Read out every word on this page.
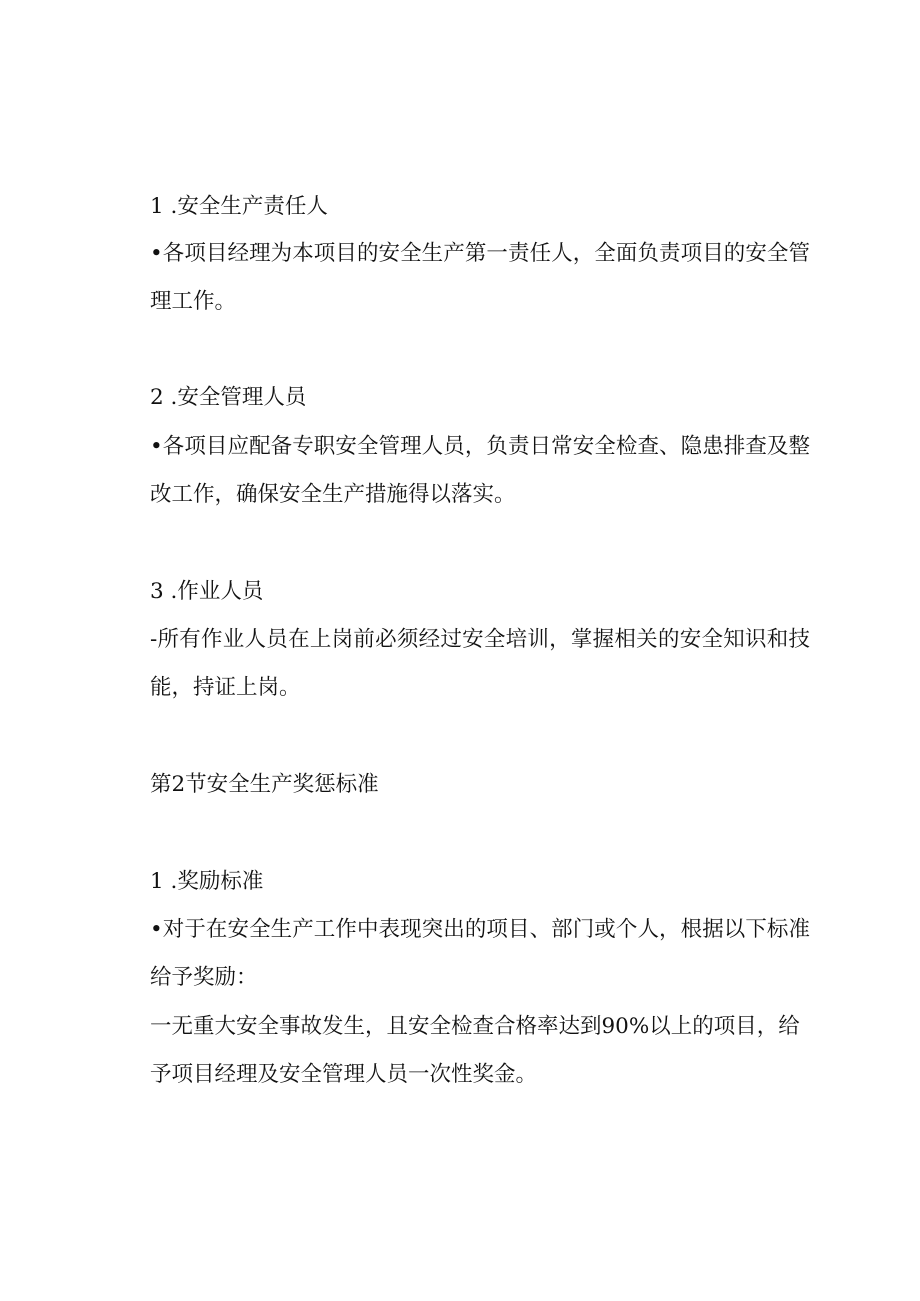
1 .安全生产责任人
•各项目经理为本项目的安全生产第一责任人，全面负责项目的安全管
理工作。
2 .安全管理人员
•各项目应配备专职安全管理人员，负责日常安全检查、隐患排查及整
改工作，确保安全生产措施得以落实。
3 .作业人员
-所有作业人员在上岗前必须经过安全培训，掌握相关的安全知识和技
能，持证上岗。
第2节安全生产奖惩标准
1 .奖励标准
•对于在安全生产工作中表现突出的项目、部门或个人，根据以下标准
给予奖励：
一无重大安全事故发生，且安全检查合格率达到90%以上的项目，给
予项目经理及安全管理人员一次性奖金。
